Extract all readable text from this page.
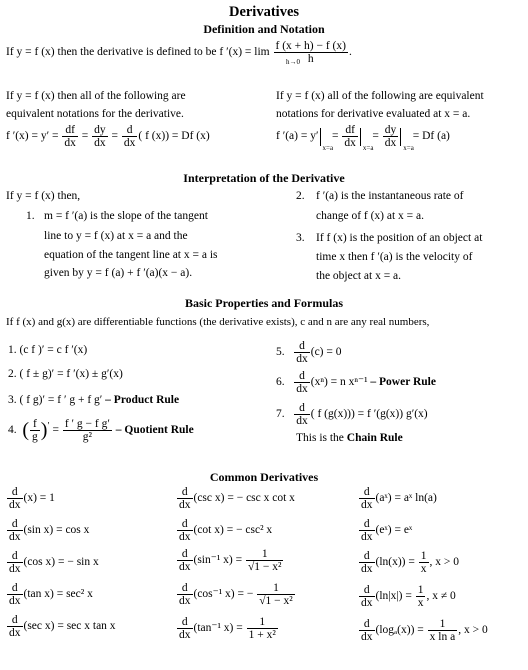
Derivatives
Definition and Notation
If y = f (x) then the derivative is defined to be f $'(x) = \lim \frac{f (x + h) - f (x)}{h}$ .
h→0
If y = f (x) then all of the following are
equivalent notations for the derivative.
f $'(x) = y' = \frac{df}{dx} = \frac{dy}{dx} = \frac{d}{dx}$ ( f (x)) = Df (x)
If y = f (x) all of the following are equivalent
notations for derivative evaluated at x = a.
f ′(a) = y′
x=a
= $\frac{df}{dx} x=a$
= $\frac{dy}{dx} x=a$
= Df (a)
Interpretation of the Derivative
If y = f (x) then,
1. m = f ′(a) is the slope of the tangent
line to y = f (x) at x = a and the
equation of the tangent line at x = a is
given by y = f (a) + f ′(a)(x − a).
2. f ′(a) is the instantaneous rate of
change of f (x) at x = a.
3. If f (x) is the position of an object at
time x then f ′(a) is the velocity of
the object at x = a.
Basic Properties and Formulas
If f (x) and g(x) are differentiable functions (the derivative exists), c and n are any real numbers,
1. (c f )′ = c f ′(x)
2. ( f ± g)′ = f ′(x) ± g′(x)
3. ( f g)′ = f ′ g + f g′ – Product Rule
4. ( $\frac{f}{g} )' = \frac{\text{f ′ g − f g′}}{\text{g²}}$ – Quotient Rule
5. $\frac{d}{dx} (c) = 0$
6. $\frac{d}{dx} (x^n) = n$ xⁿ⁻¹ – Power Rule
7. $\frac{d}{dx}$ ( f (g(x))) = f ′(g(x)) g′(x)
This is the Chain Rule
Common Derivatives
$\frac{d}{dx} (x) = 1$
$\frac{d}{dx} (\sin$ x) = cos x
$\frac{d}{dx} (\cos$ x) = − sin x
$\frac{d}{dx} (\tan$ x) = sec² x
$\frac{d}{dx} (\sec$ x) = sec x tan x
$\frac{d}{dx} (\csc$ x) = − csc x cot x
$\frac{d}{dx} (\cot$ x) = − csc² x
$\frac{d}{dx} (\sin^{-1}$ $x) = \frac{1}{\text{√1 − x²}}$
$\frac{d}{dx} (\cos^{-1}$ x) = − $\frac{1}{\text{√1 − x²}}$
$\frac{d}{dx} (\tan^{-1}$ $x) = \frac{1}{\text{1 + x²}}$
$\frac{d}{dx}$ (aˣ) = aˣ ln(a)
$\frac{d}{dx}$ (eˣ) = eˣ
$\frac{d}{dx} (\ln(x)) = \frac{1}{x}$ , x > 0
$\frac{d}{dx} (\ln|x|) = \frac{1}{x}$ , x ≠ 0
$\frac{d}{dx} (\log_a(x)) = \frac{1}{\text{x ln a}}$ , x > 0
